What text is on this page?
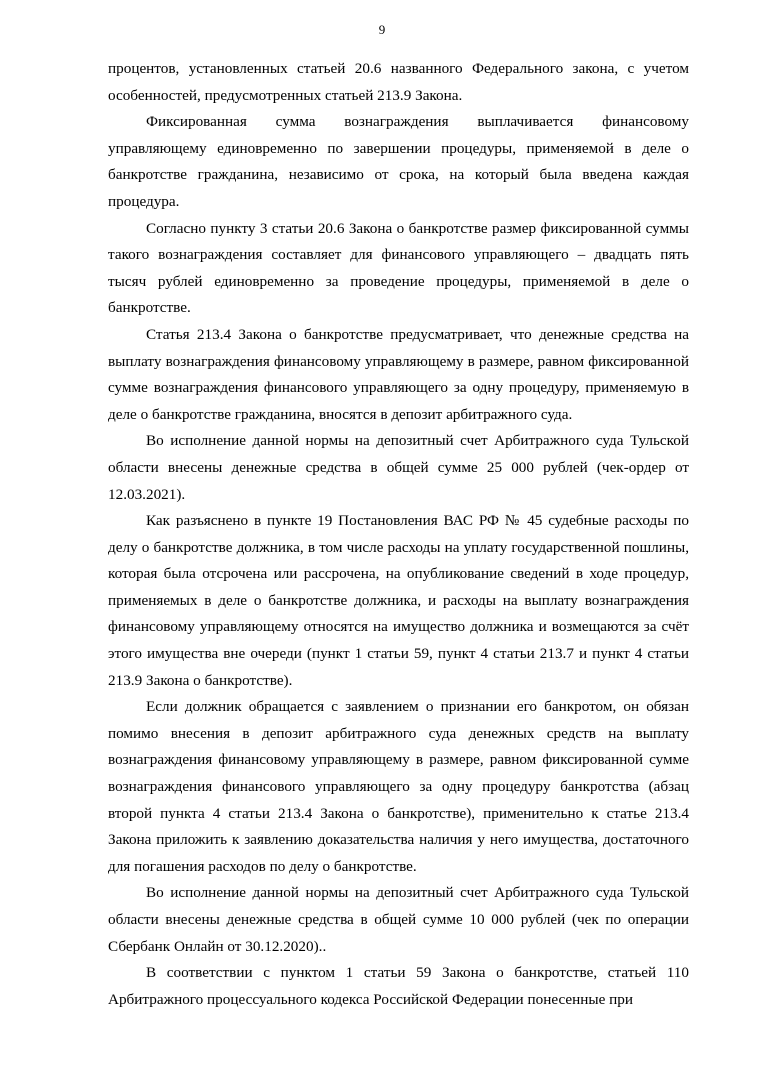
9

процентов, установленных статьей 20.6 названного Федерального закона, с учетом особенностей, предусмотренных статьей 213.9 Закона.

Фиксированная сумма вознаграждения выплачивается финансовому управляющему единовременно по завершении процедуры, применяемой в деле о банкротстве гражданина, независимо от срока, на который была введена каждая процедура.

Согласно пункту 3 статьи 20.6 Закона о банкротстве размер фиксированной суммы такого вознаграждения составляет для финансового управляющего – двадцать пять тысяч рублей единовременно за проведение процедуры, применяемой в деле о банкротстве.

Статья 213.4 Закона о банкротстве предусматривает, что денежные средства на выплату вознаграждения финансовому управляющему в размере, равном фиксированной сумме вознаграждения финансового управляющего за одну процедуру, применяемую в деле о банкротстве гражданина, вносятся в депозит арбитражного суда.

Во исполнение данной нормы на депозитный счет Арбитражного суда Тульской области внесены денежные средства в общей сумме 25 000 рублей (чек-ордер от 12.03.2021).

Как разъяснено в пункте 19 Постановления ВАС РФ № 45 судебные расходы по делу о банкротстве должника, в том числе расходы на уплату государственной пошлины, которая была отсрочена или рассрочена, на опубликование сведений в ходе процедур, применяемых в деле о банкротстве должника, и расходы на выплату вознаграждения финансовому управляющему относятся на имущество должника и возмещаются за счёт этого имущества вне очереди (пункт 1 статьи 59, пункт 4 статьи 213.7 и пункт 4 статьи 213.9 Закона о банкротстве).

Если должник обращается с заявлением о признании его банкротом, он обязан помимо внесения в депозит арбитражного суда денежных средств на выплату вознаграждения финансовому управляющему в размере, равном фиксированной сумме вознаграждения финансового управляющего за одну процедуру банкротства (абзац второй пункта 4 статьи 213.4 Закона о банкротстве), применительно к статье 213.4 Закона приложить к заявлению доказательства наличия у него имущества, достаточного для погашения расходов по делу о банкротстве.

Во исполнение данной нормы на депозитный счет Арбитражного суда Тульской области внесены денежные средства в общей сумме 10 000 рублей (чек по операции Сбербанк Онлайн от 30.12.2020)..

В соответствии с пунктом 1 статьи 59 Закона о банкротстве, статьей 110 Арбитражного процессуального кодекса Российской Федерации понесенные при
